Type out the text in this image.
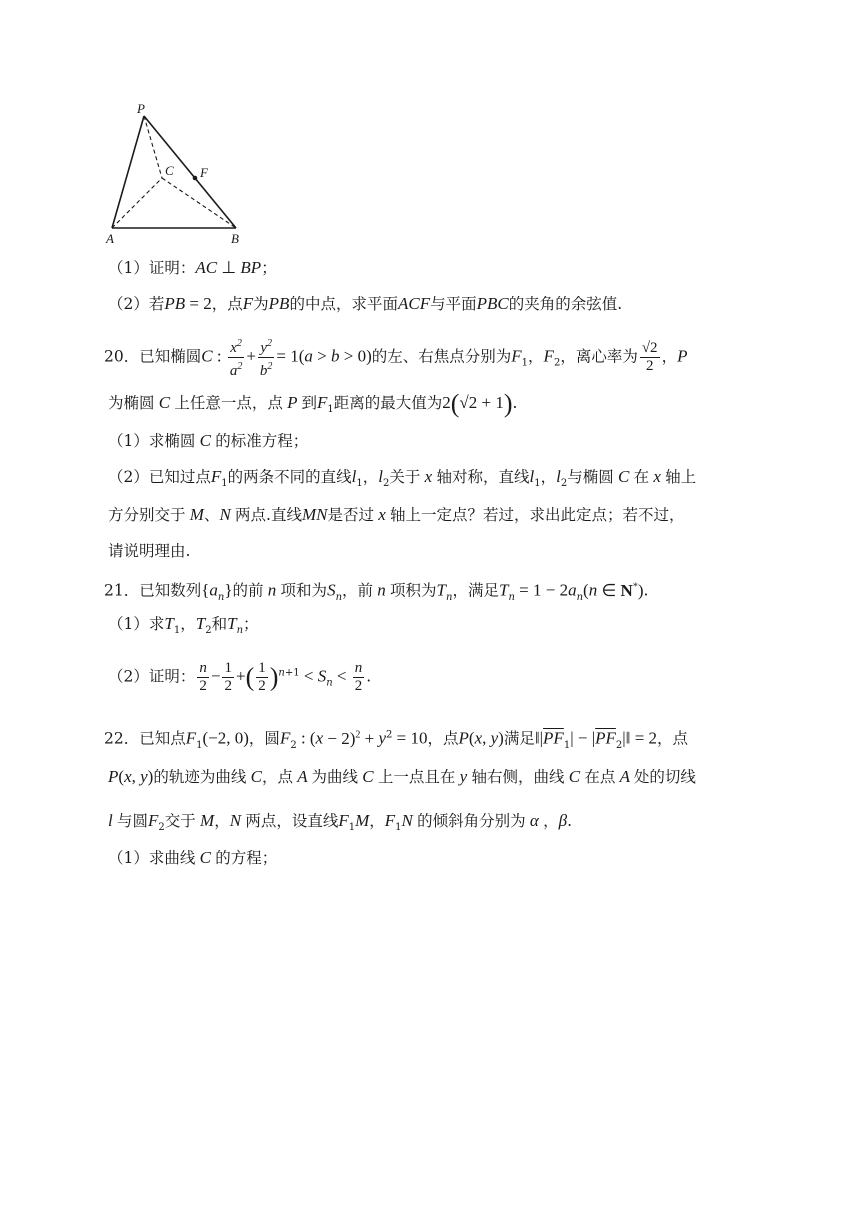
P
C F
A	B
（1）证明：AC ⊥ BP；
（2）若PB = 2，点F为PB的中点，求平面ACF与平面PBC的夹角的余弦值.
20．已知椭圆C : $\frac{x^2}{a^2} + \frac{y^2}{b^2} = 1(a > b > 0)$的左、右焦点分别为$F_1$，$F_2$，离心率为 $\frac{√2}{2}$ ，P
为椭圆 C 上任意一点，点 P 到$F_1$距离的最大值为2(√2 + 1).
（1）求椭圆 C 的标准方程；
（2）已知过点$F_1$的两条不同的直线$l_1$，$l_2$关于 x 轴对称，直线$l_1$，$l_2$与椭圆 C 在 x 轴上
方分别交于 M、N 两点.直线MN是否过 x 轴上一定点？若过，求出此定点；若不过，
请说明理由.
21．已知数列$\{a_n\}$的前 n 项和为$S_n$，前 n 项积为$T_n$，满足$T_n = 1 - 2a_n(n$ ∈ N*).
（1）求$T_1$，$T_2$和$T_n$；
（2）证明： $\frac{n}{2} - \frac{1}{2}$ +( $\frac{1}{2} )^{n+1} < S_n < \frac{n}{2}$ .
22．已知点$F_1(-2$, 0)，圆$F_2$ : $(x - 2)^2 + y^2 = 10$，点P(x, y)满足$‖|\overline{PF}_1|$ − $|\overline{PF}_2|‖ = 2$，点
P(x, y)的轨迹为曲线 C，点 A 为曲线 C 上一点且在 y 轴右侧，曲线 C 在点 A 处的切线
l 与圆$F_2$交于 M，N 两点，设直线$F_1M$，$F_1N$ 的倾斜角分别为 α ，β.
（1）求曲线 C 的方程；
